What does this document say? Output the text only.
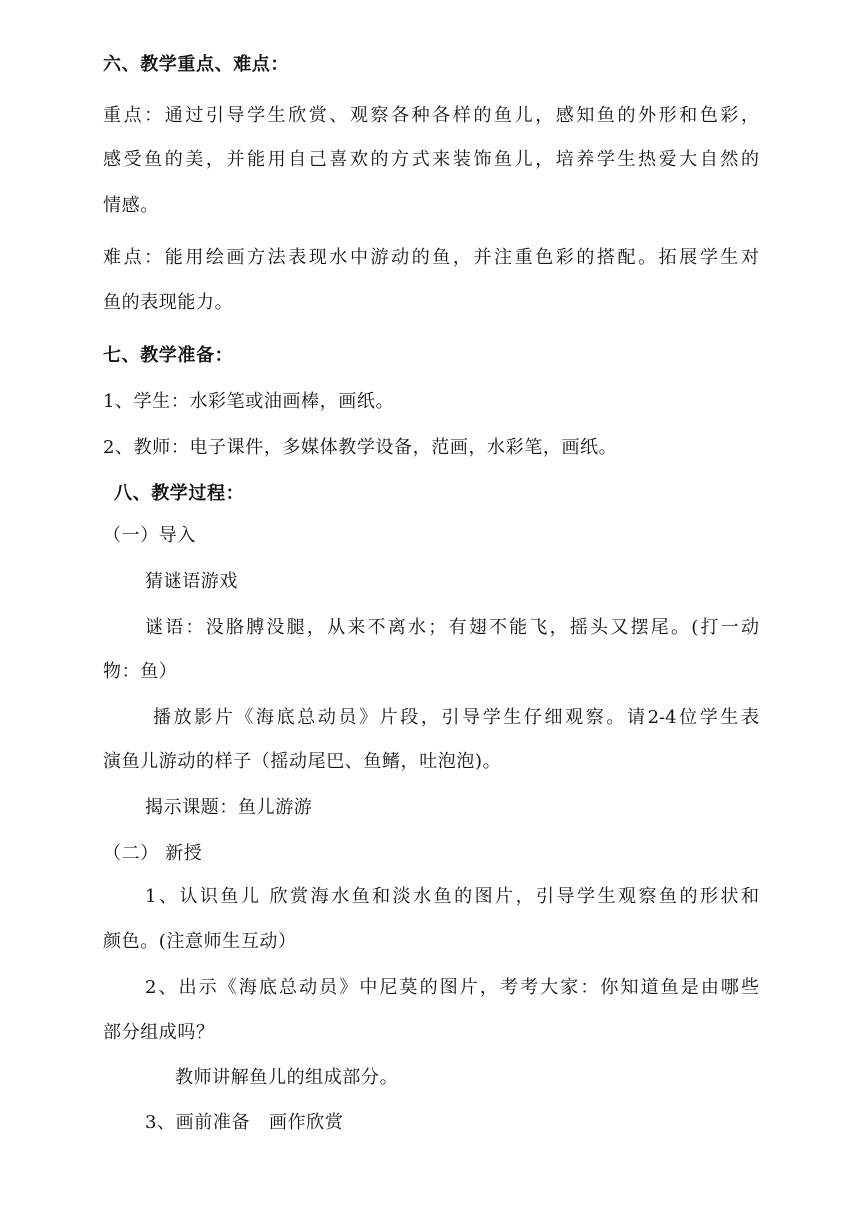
六、教学重点、难点：
重点：通过引导学生欣赏、观察各种各样的鱼儿，感知鱼的外形和色彩，
感受鱼的美，并能用自己喜欢的方式来装饰鱼儿，培养学生热爱大自然的
情感。
难点：能用绘画方法表现水中游动的鱼，并注重色彩的搭配。拓展学生对
鱼的表现能力。
七、教学准备：
1、学生：水彩笔或油画棒，画纸。
2、教师：电子课件，多媒体教学设备，范画，水彩笔，画纸。
八、教学过程：
（一）导入
猜谜语游戏
谜语：没胳膊没腿，从来不离水；有翅不能飞，摇头又摆尾。(打一动
物：鱼）
播放影片《海底总动员》片段，引导学生仔细观察。请2-4位学生表
演鱼儿游动的样子（摇动尾巴、鱼鳍，吐泡泡)。
揭示课题：鱼儿游游
（二） 新授
1、认识鱼儿 欣赏海水鱼和淡水鱼的图片，引导学生观察鱼的形状和
颜色。(注意师生互动）
2、出示《海底总动员》中尼莫的图片，考考大家：你知道鱼是由哪些
部分组成吗？
教师讲解鱼儿的组成部分。
3、画前准备   画作欣赏
